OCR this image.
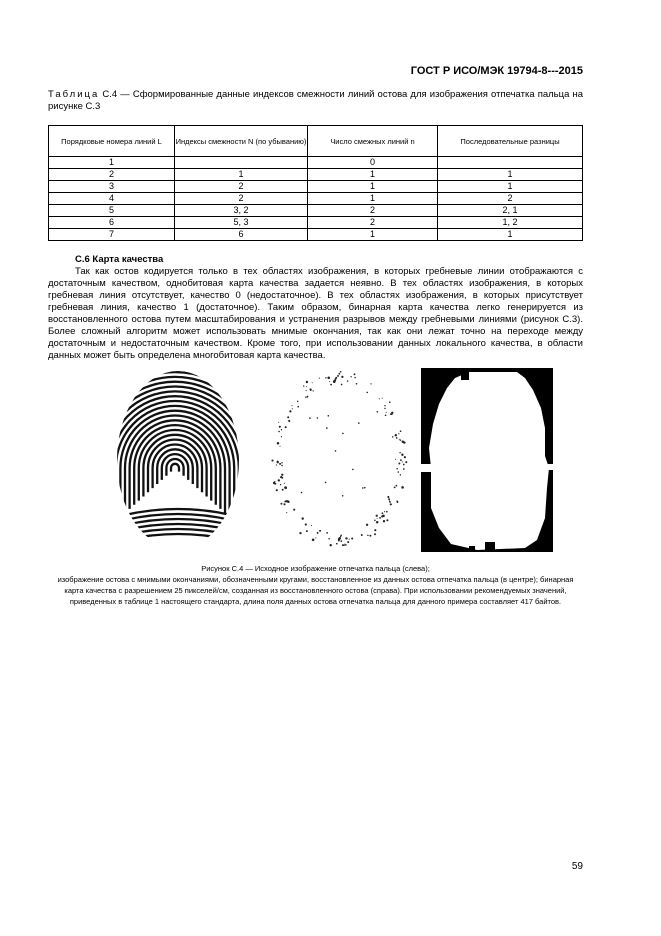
ГОСТ Р ИСО/МЭК 19794-8---2015
Таблица С.4 — Сформированные данные индексов смежности линий остова для изображения отпечатка пальца на рисунке С.3
Порядковые номера линий L	Индексы смежности N (по убыванию)	Число смежных линий n	Последовательные разницы
1		0	
2	1	1	1
3	2	1	1
4	2	1	2
5	3, 2	2	2, 1
6	5, 3	2	1, 2
7	6	1	1
С.6 Карта качества

Так как остов кодируется только в тех областях изображения, в которых гребневые линии отображаются с достаточным качеством, однобитовая карта качества задается неявно. В тех областях изображения, в которых гребневая линия отсутствует, качество 0 (недостаточное). В тех областях изображения, в которых присутствует гребневая линия, качество 1 (достаточное). Таким образом, бинарная карта качества легко генерируется из восстановленного остова путем масштабирования и устранения разрывов между гребневыми линиями (рисунок С.3). Более сложный алгоритм может использовать мнимые окончания, так как они лежат точно на переходе между достаточным и недостаточным качеством. Кроме того, при использовании данных локального качества, в области данных может быть определена многобитовая карта качества.

Рисунок С.4 — Исходное изображение отпечатка пальца (слева);
изображение остова с мнимыми окончаниями, обозначенными кругами, восстановленное из данных остова отпечатка пальца (в центре); бинарная карта качества с разрешением 25 пикселей/см, созданная из восстановленного остова (справа). При использовании рекомендуемых значений, приведенных в таблице 1 настоящего стандарта, длина поля данных остова отпечатка пальца для данного примера составляет 417 байтов.
59
